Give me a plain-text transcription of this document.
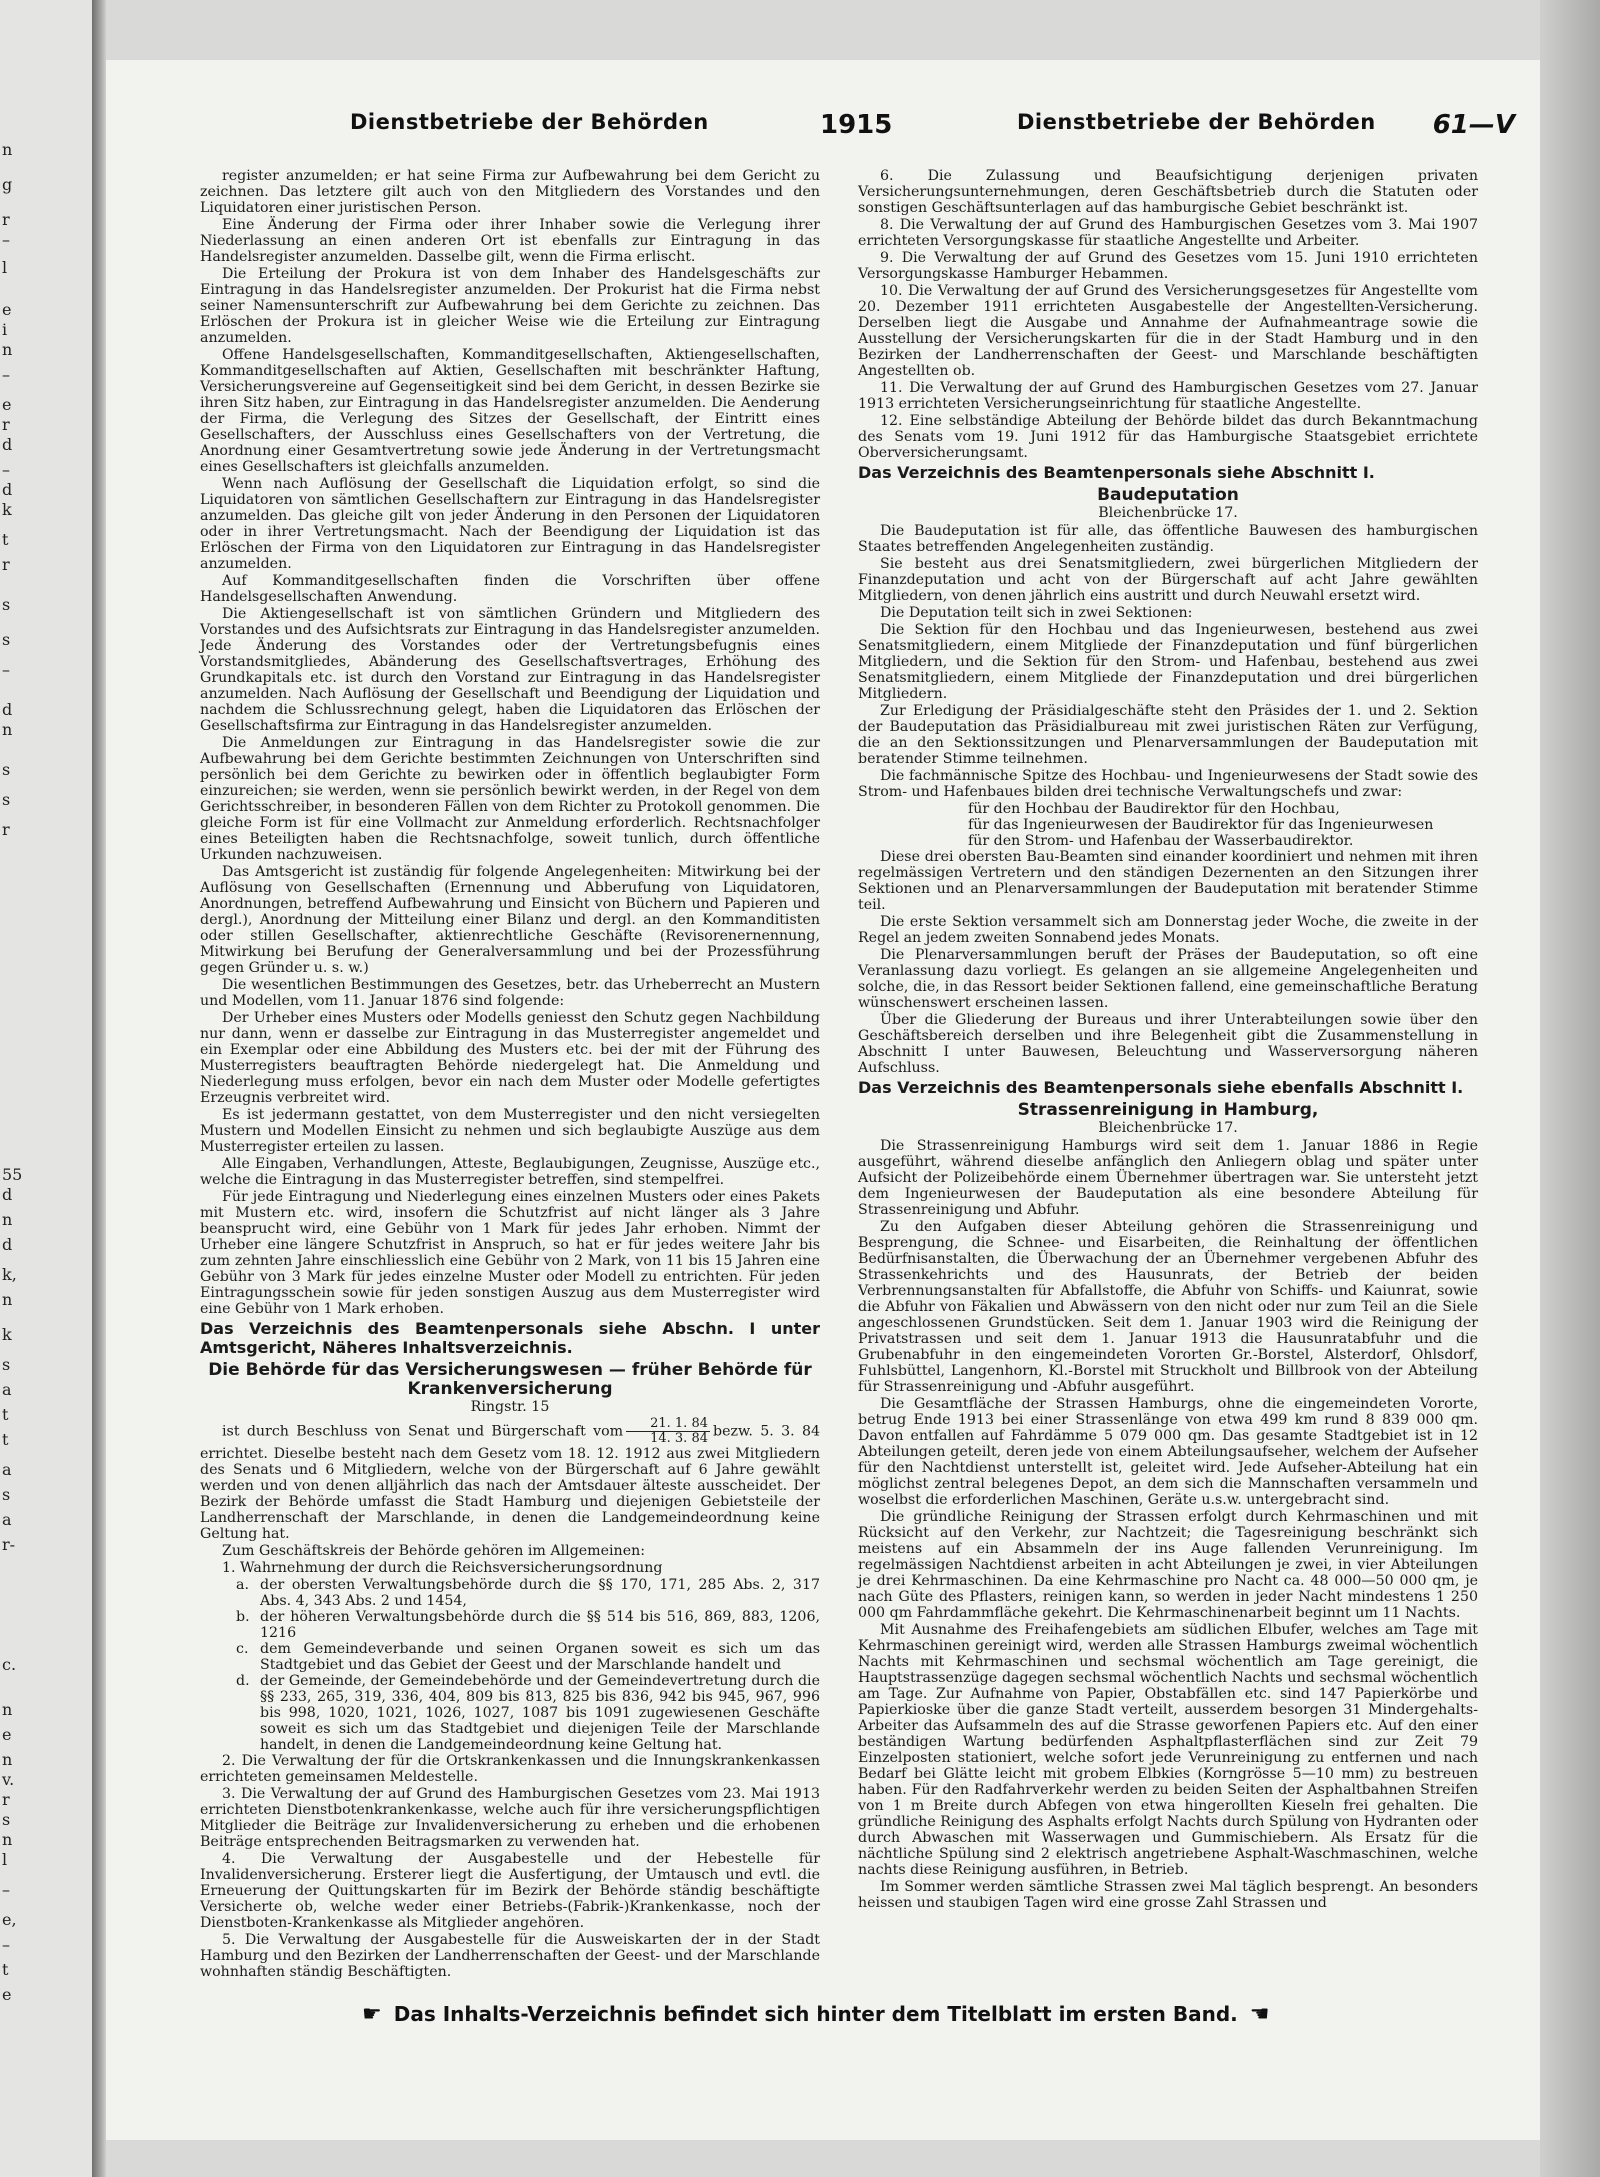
n
g
r
–
l
e
i
n
–
e
r
d
–
d
k
t
r
s
s
–
d
n
s
s
r
55
d
n
d
k,
n
k
s
a
t
t
a
s
a
r-
c.
n
e
n
v.
r
s
n
l
–
e,
–
t
e
Dienstbetriebe der Behörden	1915	Dienstbetriebe der Behörden 61—V

register anzumelden; er hat seine Firma zur Aufbewahrung bei dem Gericht zu zeichnen. Das letztere gilt auch von den Mitgliedern des Vorstandes und den Liquidatoren einer juristischen Person.

Eine Änderung der Firma oder ihrer Inhaber sowie die Verlegung ihrer Niederlassung an einen anderen Ort ist ebenfalls zur Eintragung in das Handelsregister anzumelden. Dasselbe gilt, wenn die Firma erlischt.

Die Erteilung der Prokura ist von dem Inhaber des Handelsgeschäfts zur Eintragung in das Handelsregister anzumelden. Der Prokurist hat die Firma nebst seiner Namensunterschrift zur Aufbewahrung bei dem Gerichte zu zeichnen. Das Erlöschen der Prokura ist in gleicher Weise wie die Erteilung zur Eintragung anzumelden.

Offene Handelsgesellschaften, Kommanditgesellschaften, Aktiengesellschaften, Kommanditgesellschaften auf Aktien, Gesellschaften mit beschränkter Haftung, Versicherungsvereine auf Gegenseitigkeit sind bei dem Gericht, in dessen Bezirke sie ihren Sitz haben, zur Eintragung in das Handelsregister anzumelden. Die Aenderung der Firma, die Verlegung des Sitzes der Gesellschaft, der Eintritt eines Gesellschafters, der Ausschluss eines Gesellschafters von der Vertretung, die Anordnung einer Gesamtvertretung sowie jede Änderung in der Vertretungsmacht eines Gesellschafters ist gleichfalls anzumelden.

Wenn nach Auflösung der Gesellschaft die Liquidation erfolgt, so sind die Liquidatoren von sämtlichen Gesellschaftern zur Eintragung in das Handelsregister anzumelden. Das gleiche gilt von jeder Änderung in den Personen der Liquidatoren oder in ihrer Vertretungsmacht. Nach der Beendigung der Liquidation ist das Erlöschen der Firma von den Liquidatoren zur Eintragung in das Handelsregister anzumelden.

Auf Kommanditgesellschaften finden die Vorschriften über offene Handelsgesellschaften Anwendung.

Die Aktiengesellschaft ist von sämtlichen Gründern und Mitgliedern des Vorstandes und des Aufsichtsrats zur Eintragung in das Handelsregister anzumelden. Jede Änderung des Vorstandes oder der Vertretungsbefugnis eines Vorstandsmitgliedes, Abänderung des Gesellschaftsvertrages, Erhöhung des Grundkapitals etc. ist durch den Vorstand zur Eintragung in das Handelsregister anzumelden. Nach Auflösung der Gesellschaft und Beendigung der Liquidation und nachdem die Schlussrechnung gelegt, haben die Liquidatoren das Erlöschen der Gesellschaftsfirma zur Eintragung in das Handelsregister anzumelden.

Die Anmeldungen zur Eintragung in das Handelsregister sowie die zur Aufbewahrung bei dem Gerichte bestimmten Zeichnungen von Unterschriften sind persönlich bei dem Gerichte zu bewirken oder in öffentlich beglaubigter Form einzureichen; sie werden, wenn sie persönlich bewirkt werden, in der Regel von dem Gerichtsschreiber, in besonderen Fällen von dem Richter zu Protokoll genommen. Die gleiche Form ist für eine Vollmacht zur Anmeldung erforderlich. Rechtsnachfolger eines Beteiligten haben die Rechtsnachfolge, soweit tunlich, durch öffentliche Urkunden nachzuweisen.

Das Amtsgericht ist zuständig für folgende Angelegenheiten: Mitwirkung bei der Auflösung von Gesellschaften (Ernennung und Abberufung von Liquidatoren, Anordnungen, betreffend Aufbewahrung und Einsicht von Büchern und Papieren und dergl.), Anordnung der Mitteilung einer Bilanz und dergl. an den Kommanditisten oder stillen Gesellschafter, aktienrechtliche Geschäfte (Revisorenernennung, Mitwirkung bei Berufung der Generalversammlung und bei der Prozessführung gegen Gründer u. s. w.)

Die wesentlichen Bestimmungen des Gesetzes, betr. das Urheberrecht an Mustern und Modellen, vom 11. Januar 1876 sind folgende:

Der Urheber eines Musters oder Modells geniesst den Schutz gegen Nachbildung nur dann, wenn er dasselbe zur Eintragung in das Musterregister angemeldet und ein Exemplar oder eine Abbildung des Musters etc. bei der mit der Führung des Musterregisters beauftragten Behörde niedergelegt hat. Die Anmeldung und Niederlegung muss erfolgen, bevor ein nach dem Muster oder Modelle gefertigtes Erzeugnis verbreitet wird.

Es ist jedermann gestattet, von dem Musterregister und den nicht versiegelten Mustern und Modellen Einsicht zu nehmen und sich beglaubigte Auszüge aus dem Musterregister erteilen zu lassen.

Alle Eingaben, Verhandlungen, Atteste, Beglaubigungen, Zeugnisse, Auszüge etc., welche die Eintragung in das Musterregister betreffen, sind stempelfrei.

Für jede Eintragung und Niederlegung eines einzelnen Musters oder eines Pakets mit Mustern etc. wird, insofern die Schutzfrist auf nicht länger als 3 Jahre beansprucht wird, eine Gebühr von 1 Mark für jedes Jahr erhoben. Nimmt der Urheber eine längere Schutzfrist in Anspruch, so hat er für jedes weitere Jahr bis zum zehnten Jahre einschliesslich eine Gebühr von 2 Mark, von 11 bis 15 Jahren eine Gebühr von 3 Mark für jedes einzelne Muster oder Modell zu entrichten. Für jeden Eintragungsschein sowie für jeden sonstigen Auszug aus dem Musterregister wird eine Gebühr von 1 Mark erhoben.

Das Verzeichnis des Beamtenpersonals siehe Abschn. I unter Amtsgericht, Näheres Inhaltsverzeichnis.

Die Behörde für das Versicherungswesen — früher Behörde für Krankenversicherung

Ringstr. 15

ist durch Beschluss von Senat und Bürgerschaft vom $\frac{21. 1. 84}{14. 3. 84}$ bezw. 5. 3. 84 errichtet. Dieselbe besteht nach dem Gesetz vom 18. 12. 1912 aus zwei Mitgliedern des Senats und 6 Mitgliedern, welche von der Bürgerschaft auf 6 Jahre gewählt werden und von denen alljährlich das nach der Amtsdauer älteste ausscheidet. Der Bezirk der Behörde umfasst die Stadt Hamburg und diejenigen Gebietsteile der Landherrenschaft der Marschlande, in denen die Landgemeindeordnung keine Geltung hat.

Zum Geschäftskreis der Behörde gehören im Allgemeinen:

1. Wahrnehmung der durch die Reichsversicherungsordnung

a. der obersten Verwaltungsbehörde durch die §§ 170, 171, 285 Abs. 2, 317 Abs. 4, 343 Abs. 2 und 1454,

b. der höheren Verwaltungsbehörde durch die §§ 514 bis 516, 869, 883, 1206, 1216

c. dem Gemeindeverbande und seinen Organen soweit es sich um das Stadtgebiet und das Gebiet der Geest und der Marschlande handelt und

d. der Gemeinde, der Gemeindebehörde und der Gemeindevertretung durch die §§ 233, 265, 319, 336, 404, 809 bis 813, 825 bis 836, 942 bis 945, 967, 996 bis 998, 1020, 1021, 1026, 1027, 1087 bis 1091 zugewiesenen Geschäfte soweit es sich um das Stadtgebiet und diejenigen Teile der Marschlande handelt, in denen die Landgemeindeordnung keine Geltung hat.

2. Die Verwaltung der für die Ortskrankenkassen und die Innungskrankenkassen errichteten gemeinsamen Meldestelle.

3. Die Verwaltung der auf Grund des Hamburgischen Gesetzes vom 23. Mai 1913 errichteten Dienstbotenkrankenkasse, welche auch für ihre versicherungspflichtigen Mitglieder die Beiträge zur Invalidenversicherung zu erheben und die erhobenen Beiträge entsprechenden Beitragsmarken zu verwenden hat.

4. Die Verwaltung der Ausgabestelle und der Hebestelle für Invalidenversicherung. Ersterer liegt die Ausfertigung, der Umtausch und evtl. die Erneuerung der Quittungskarten für im Bezirk der Behörde ständig beschäftigte Versicherte ob, welche weder einer Betriebs-(Fabrik-)Krankenkasse, noch der Dienstboten-Krankenkasse als Mitglieder angehören.

5. Die Verwaltung der Ausgabestelle für die Ausweiskarten der in der Stadt Hamburg und den Bezirken der Landherrenschaften der Geest- und der Marschlande wohnhaften ständig Beschäftigten.

6. Die Zulassung und Beaufsichtigung derjenigen privaten Versicherungsunternehmungen, deren Geschäftsbetrieb durch die Statuten oder sonstigen Geschäftsunterlagen auf das hamburgische Gebiet beschränkt ist.

8. Die Verwaltung der auf Grund des Hamburgischen Gesetzes vom 3. Mai 1907 errichteten Versorgungskasse für staatliche Angestellte und Arbeiter.

9. Die Verwaltung der auf Grund des Gesetzes vom 15. Juni 1910 errichteten Versorgungskasse Hamburger Hebammen.

10. Die Verwaltung der auf Grund des Versicherungsgesetzes für Angestellte vom 20. Dezember 1911 errichteten Ausgabestelle der Angestellten-Versicherung. Derselben liegt die Ausgabe und Annahme der Aufnahmeantrage sowie die Ausstellung der Versicherungskarten für die in der Stadt Hamburg und in den Bezirken der Landherrenschaften der Geest- und Marschlande beschäftigten Angestellten ob.

11. Die Verwaltung der auf Grund des Hamburgischen Gesetzes vom 27. Januar 1913 errichteten Versicherungseinrichtung für staatliche Angestellte.

12. Eine selbständige Abteilung der Behörde bildet das durch Bekanntmachung des Senats vom 19. Juni 1912 für das Hamburgische Staatsgebiet errichtete Oberversicherungsamt.

Das Verzeichnis des Beamtenpersonals siehe Abschnitt I.

Baudeputation

Bleichenbrücke 17.

Die Baudeputation ist für alle, das öffentliche Bauwesen des hamburgischen Staates betreffenden Angelegenheiten zuständig.

Sie besteht aus drei Senatsmitgliedern, zwei bürgerlichen Mitgliedern der Finanzdeputation und acht von der Bürgerschaft auf acht Jahre gewählten Mitgliedern, von denen jährlich eins austritt und durch Neuwahl ersetzt wird.

Die Deputation teilt sich in zwei Sektionen:

Die Sektion für den Hochbau und das Ingenieurwesen, bestehend aus zwei Senatsmitgliedern, einem Mitgliede der Finanzdeputation und fünf bürgerlichen Mitgliedern, und die Sektion für den Strom- und Hafenbau, bestehend aus zwei Senatsmitgliedern, einem Mitgliede der Finanzdeputation und drei bürgerlichen Mitgliedern.

Zur Erledigung der Präsidialgeschäfte steht den Präsides der 1. und 2. Sektion der Baudeputation das Präsidialbureau mit zwei juristischen Räten zur Verfügung, die an den Sektionssitzungen und Plenarversammlungen der Baudeputation mit beratender Stimme teilnehmen.

Die fachmännische Spitze des Hochbau- und Ingenieurwesens der Stadt sowie des Strom- und Hafenbaues bilden drei technische Verwaltungschefs und zwar:

für den Hochbau der Baudirektor für den Hochbau,

für das Ingenieurwesen der Baudirektor für das Ingenieurwesen

für den Strom- und Hafenbau der Wasserbaudirektor.

Diese drei obersten Bau-Beamten sind einander koordiniert und nehmen mit ihren regelmässigen Vertretern und den ständigen Dezernenten an den Sitzungen ihrer Sektionen und an Plenarversammlungen der Baudeputation mit beratender Stimme teil.

Die erste Sektion versammelt sich am Donnerstag jeder Woche, die zweite in der Regel an jedem zweiten Sonnabend jedes Monats.

Die Plenarversammlungen beruft der Präses der Baudeputation, so oft eine Veranlassung dazu vorliegt. Es gelangen an sie allgemeine Angelegenheiten und solche, die, in das Ressort beider Sektionen fallend, eine gemeinschaftliche Beratung wünschenswert erscheinen lassen.

Über die Gliederung der Bureaus und ihrer Unterabteilungen sowie über den Geschäftsbereich derselben und ihre Belegenheit gibt die Zusammenstellung in Abschnitt I unter Bauwesen, Beleuchtung und Wasserversorgung näheren Aufschluss.

Das Verzeichnis des Beamtenpersonals siehe ebenfalls Abschnitt I.

Strassenreinigung in Hamburg,

Bleichenbrücke 17.

Die Strassenreinigung Hamburgs wird seit dem 1. Januar 1886 in Regie ausgeführt, während dieselbe anfänglich den Anliegern oblag und später unter Aufsicht der Polizeibehörde einem Übernehmer übertragen war. Sie untersteht jetzt dem Ingenieurwesen der Baudeputation als eine besondere Abteilung für Strassenreinigung und Abfuhr.

Zu den Aufgaben dieser Abteilung gehören die Strassenreinigung und Besprengung, die Schnee- und Eisarbeiten, die Reinhaltung der öffentlichen Bedürfnisanstalten, die Überwachung der an Übernehmer vergebenen Abfuhr des Strassenkehrichts und des Hausunrats, der Betrieb der beiden Verbrennungsanstalten für Abfallstoffe, die Abfuhr von Schiffs- und Kaiunrat, sowie die Abfuhr von Fäkalien und Abwässern von den nicht oder nur zum Teil an die Siele angeschlossenen Grundstücken. Seit dem 1. Januar 1903 wird die Reinigung der Privatstrassen und seit dem 1. Januar 1913 die Hausunratabfuhr und die Grubenabfuhr in den eingemeindeten Vororten Gr.-Borstel, Alsterdorf, Ohlsdorf, Fuhlsbüttel, Langenhorn, Kl.-Borstel mit Struckholt und Billbrook von der Abteilung für Strassenreinigung und -Abfuhr ausgeführt.

Die Gesamtfläche der Strassen Hamburgs, ohne die eingemeindeten Vororte, betrug Ende 1913 bei einer Strassenlänge von etwa 499 km rund 8 839 000 qm. Davon entfallen auf Fahrdämme 5 079 000 qm. Das gesamte Stadtgebiet ist in 12 Abteilungen geteilt, deren jede von einem Abteilungsaufseher, welchem der Aufseher für den Nachtdienst unterstellt ist, geleitet wird. Jede Aufseher-Abteilung hat ein möglichst zentral belegenes Depot, an dem sich die Mannschaften versammeln und woselbst die erforderlichen Maschinen, Geräte u.s.w. untergebracht sind.

Die gründliche Reinigung der Strassen erfolgt durch Kehrmaschinen und mit Rücksicht auf den Verkehr, zur Nachtzeit; die Tagesreinigung beschränkt sich meistens auf ein Absammeln der ins Auge fallenden Verunreinigung. Im regelmässigen Nachtdienst arbeiten in acht Abteilungen je zwei, in vier Abteilungen je drei Kehrmaschinen. Da eine Kehrmaschine pro Nacht ca. 48 000—50 000 qm, je nach Güte des Pflasters, reinigen kann, so werden in jeder Nacht mindestens 1 250 000 qm Fahrdammfläche gekehrt. Die Kehrmaschinenarbeit beginnt um 11 Nachts.

Mit Ausnahme des Freihafengebiets am südlichen Elbufer, welches am Tage mit Kehrmaschinen gereinigt wird, werden alle Strassen Hamburgs zweimal wöchentlich Nachts mit Kehrmaschinen und sechsmal wöchentlich am Tage gereinigt, die Hauptstrassenzüge dagegen sechsmal wöchentlich Nachts und sechsmal wöchentlich am Tage. Zur Aufnahme von Papier, Obstabfällen etc. sind 147 Papierkörbe und Papierkioske über die ganze Stadt verteilt, ausserdem besorgen 31 Mindergehalts-Arbeiter das Aufsammeln des auf die Strasse geworfenen Papiers etc. Auf den einer beständigen Wartung bedürfenden Asphaltpflasterflächen sind zur Zeit 79 Einzelposten stationiert, welche sofort jede Verunreinigung zu entfernen und nach Bedarf bei Glätte leicht mit grobem Elbkies (Korngrösse 5—10 mm) zu bestreuen haben. Für den Radfahrverkehr werden zu beiden Seiten der Asphaltbahnen Streifen von 1 m Breite durch Abfegen von etwa hingerollten Kieseln frei gehalten. Die gründliche Reinigung des Asphalts erfolgt Nachts durch Spülung von Hydranten oder durch Abwaschen mit Wasserwagen und Gummischiebern. Als Ersatz für die nächtliche Spülung sind 2 elektrisch angetriebene Asphalt-Waschmaschinen, welche nachts diese Reinigung ausführen, in Betrieb.

Im Sommer werden sämtliche Strassen zwei Mal täglich besprengt. An besonders heissen und staubigen Tagen wird eine grosse Zahl Strassen und

☛ Das Inhalts-Verzeichnis befindet sich hinter dem Titelblatt im ersten Band. ☚
